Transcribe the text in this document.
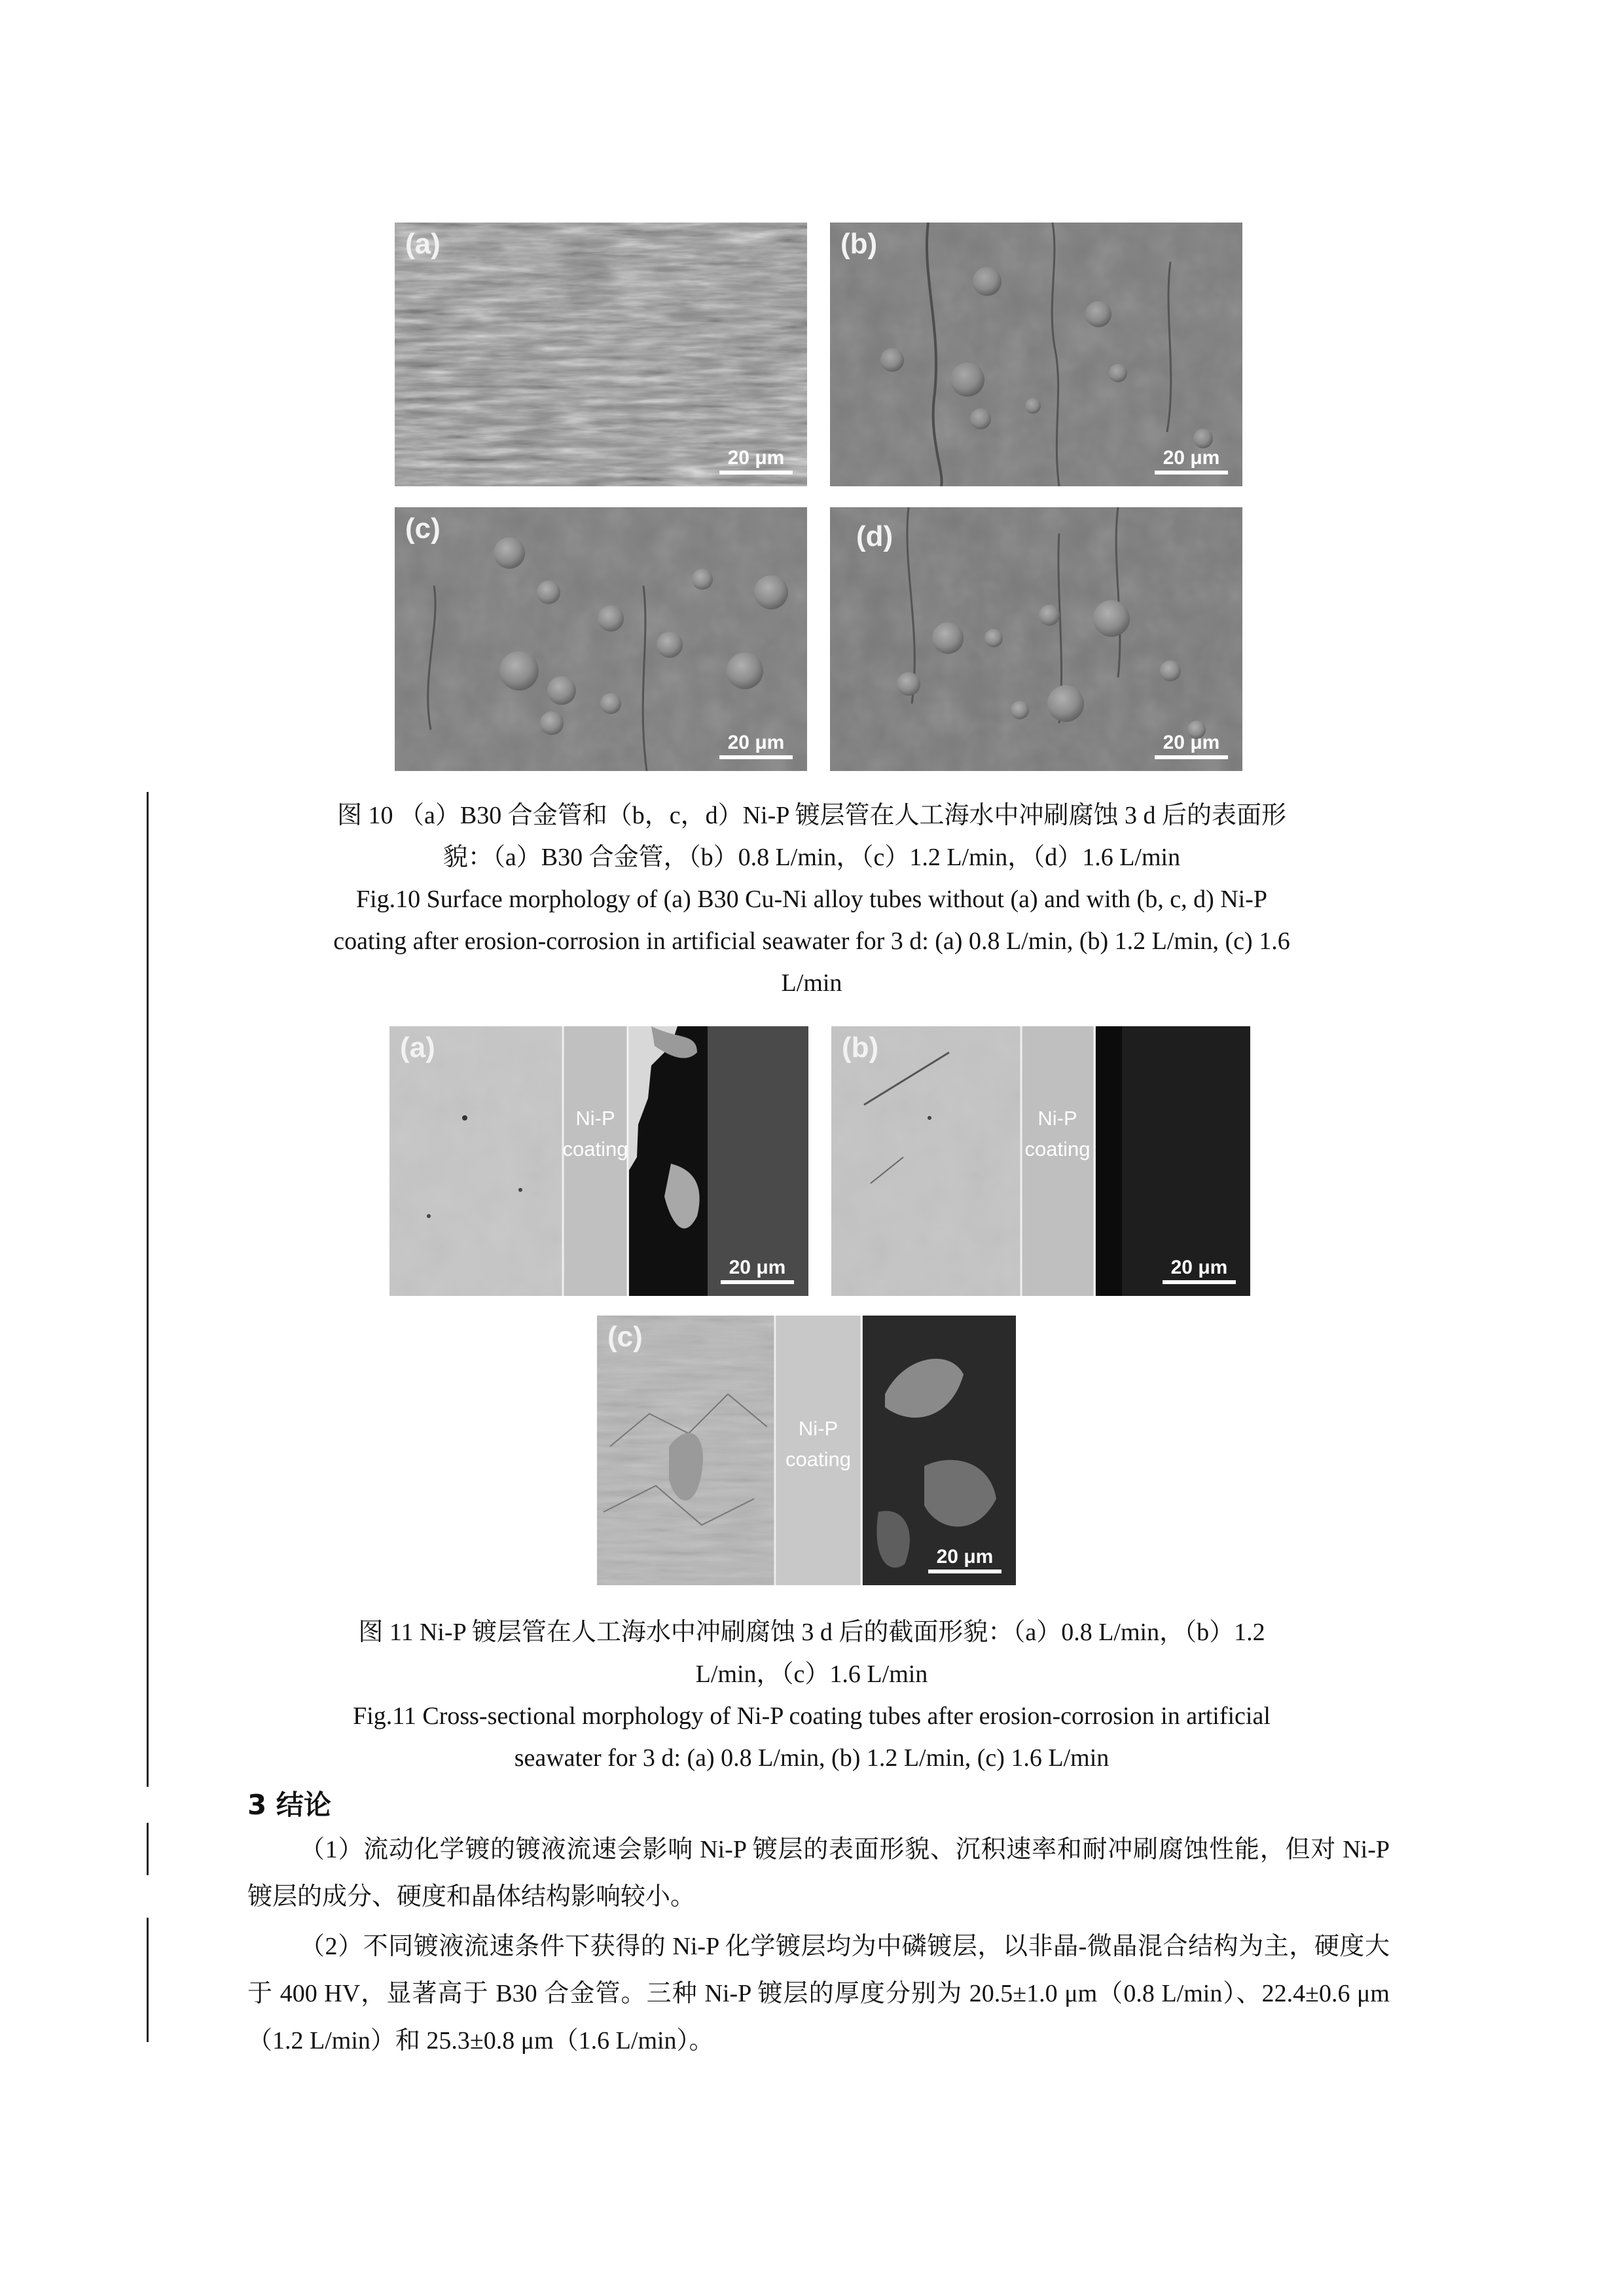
(a)
20 μm
(b)
20 μm
(c)
20 μm
(d)
20 μm
图 10 （a）B30 合金管和（b，c，d）Ni-P 镀层管在人工海水中冲刷腐蚀 3 d 后的表面形
貌：（a）B30 合金管，（b）0.8 L/min，（c）1.2 L/min，（d）1.6 L/min
Fig.10 Surface morphology of (a) B30 Cu-Ni alloy tubes without (a) and with (b, c, d) Ni-P
coating after erosion-corrosion in artificial seawater for 3 d: (a) 0.8 L/min, (b) 1.2 L/min, (c) 1.6
L/min
(a)
Ni-P coating
20 μm
(b)
Ni-P coating
20 μm
(c)
Ni-P coating
20 μm
图 11 Ni-P 镀层管在人工海水中冲刷腐蚀 3 d 后的截面形貌：（a）0.8 L/min，（b）1.2
L/min，（c）1.6 L/min
Fig.11 Cross-sectional morphology of Ni-P coating tubes after erosion-corrosion in artificial
seawater for 3 d: (a) 0.8 L/min, (b) 1.2 L/min, (c) 1.6 L/min
3 结论
（1）流动化学镀的镀液流速会影响 Ni-P 镀层的表面形貌、沉积速率和耐冲刷腐蚀性能，但对 Ni-P 镀层的成分、硬度和晶体结构影响较小。
（2）不同镀液流速条件下获得的 Ni-P 化学镀层均为中磷镀层，以非晶-微晶混合结构为主，硬度大于 400 HV，显著高于 B30 合金管。三种 Ni-P 镀层的厚度分别为 20.5±1.0 μm（0.8 L/min）、22.4±0.6 μm（1.2 L/min）和 25.3±0.8 μm（1.6 L/min）。
